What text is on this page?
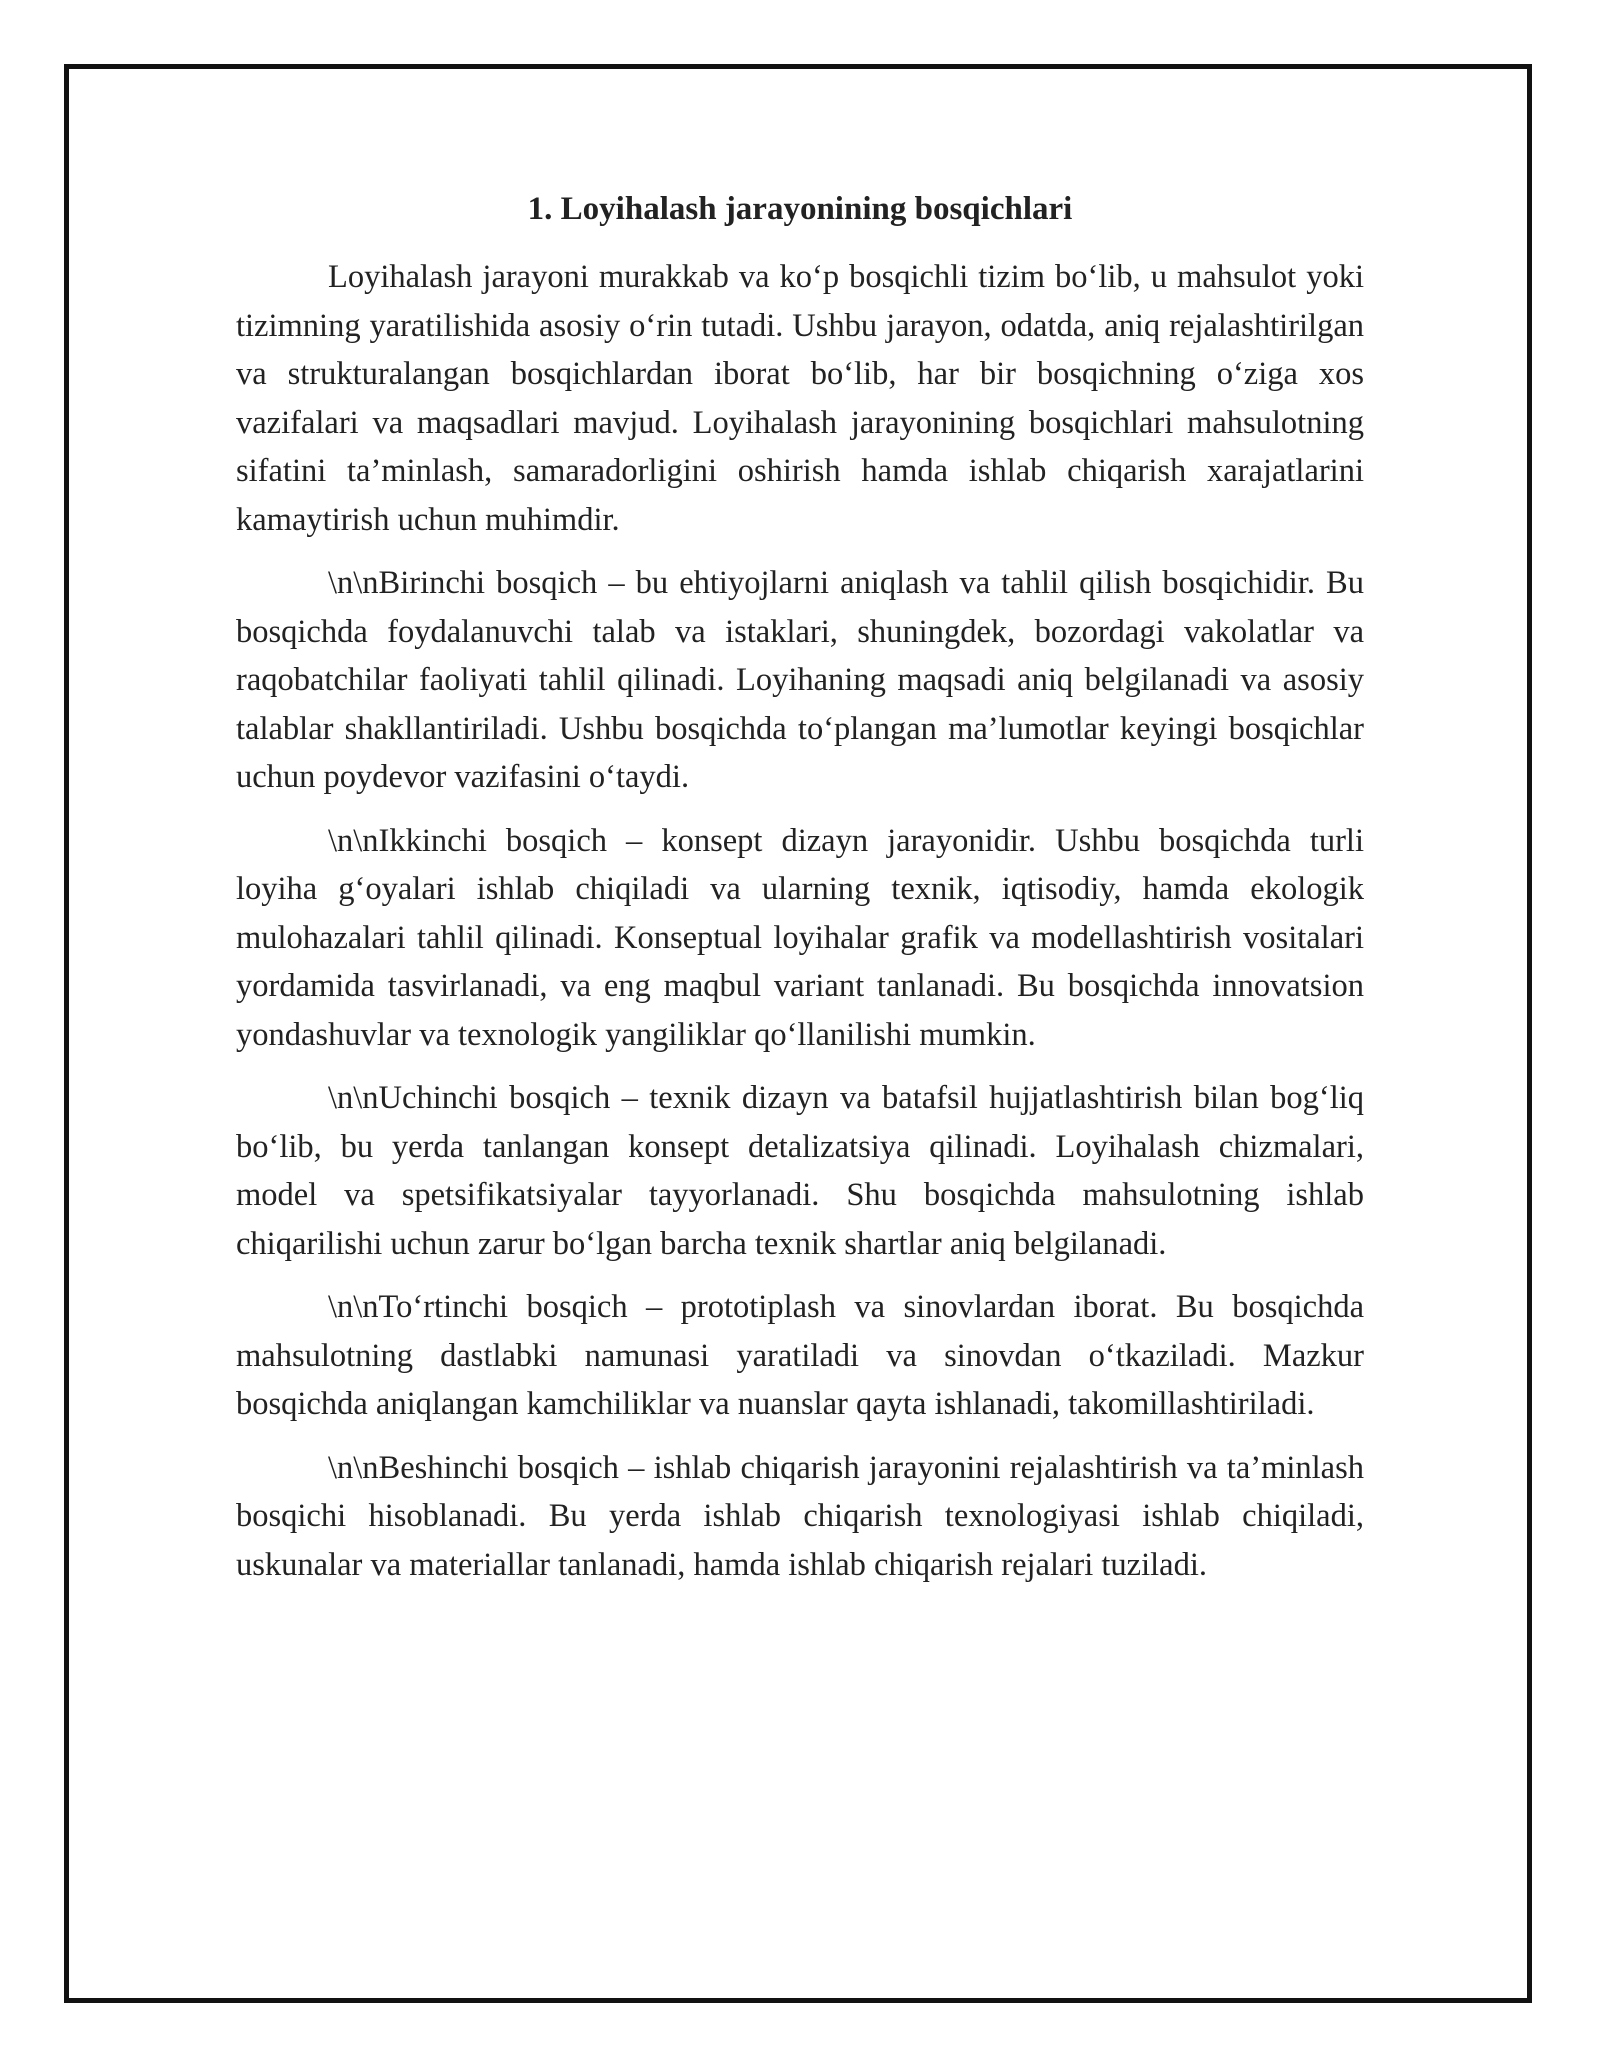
1. Loyihalash jarayonining bosqichlari

Loyihalash jarayoni murakkab va ko‘p bosqichli tizim bo‘lib, u mahsulot yoki tizimning yaratilishida asosiy o‘rin tutadi. Ushbu jarayon, odatda, aniq rejalashtirilgan va strukturalangan bosqichlardan iborat bo‘lib, har bir bosqichning o‘ziga xos vazifalari va maqsadlari mavjud. Loyihalash jarayonining bosqichlari mahsulotning sifatini ta’minlash, samaradorligini oshirish hamda ishlab chiqarish xarajatlarini kamaytirish uchun muhimdir.

\n\nBirinchi bosqich – bu ehtiyojlarni aniqlash va tahlil qilish bosqichidir. Bu bosqichda foydalanuvchi talab va istaklari, shuningdek, bozordagi vakolatlar va raqobatchilar faoliyati tahlil qilinadi. Loyihaning maqsadi aniq belgilanadi va asosiy talablar shakllantiriladi. Ushbu bosqichda to‘plangan ma’lumotlar keyingi bosqichlar uchun poydevor vazifasini o‘taydi.

\n\nIkkinchi bosqich – konsept dizayn jarayonidir. Ushbu bosqichda turli loyiha g‘oyalari ishlab chiqiladi va ularning texnik, iqtisodiy, hamda ekologik mulohazalari tahlil qilinadi. Konseptual loyihalar grafik va modellashtirish vositalari yordamida tasvirlanadi, va eng maqbul variant tanlanadi. Bu bosqichda innovatsion yondashuvlar va texnologik yangiliklar qo‘llanilishi mumkin.

\n\nUchinchi bosqich – texnik dizayn va batafsil hujjatlashtirish bilan bog‘liq bo‘lib, bu yerda tanlangan konsept detalizatsiya qilinadi. Loyihalash chizmalari, model va spetsifikatsiyalar tayyorlanadi. Shu bosqichda mahsulotning ishlab chiqarilishi uchun zarur bo‘lgan barcha texnik shartlar aniq belgilanadi.

\n\nTo‘rtinchi bosqich – prototiplash va sinovlardan iborat. Bu bosqichda mahsulotning dastlabki namunasi yaratiladi va sinovdan o‘tkaziladi. Mazkur bosqichda aniqlangan kamchiliklar va nuanslar qayta ishlanadi, takomillashtiriladi.

\n\nBeshinchi bosqich – ishlab chiqarish jarayonini rejalashtirish va ta’minlash bosqichi hisoblanadi. Bu yerda ishlab chiqarish texnologiyasi ishlab chiqiladi, uskunalar va materiallar tanlanadi, hamda ishlab chiqarish rejalari tuziladi.
